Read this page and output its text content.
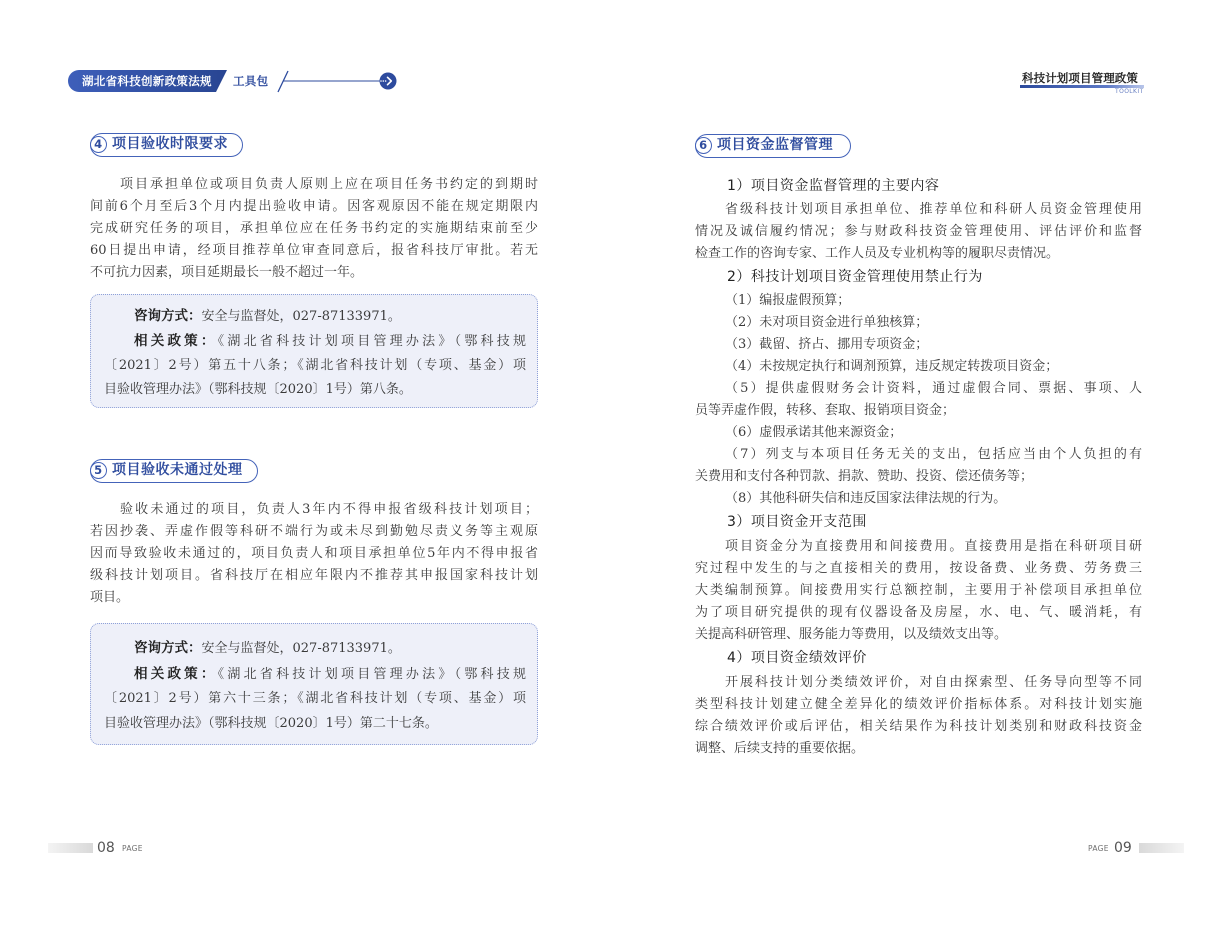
湖北省科技创新政策法规 工具包	科技计划项目管理政策
TOOLKIT
4 项目验收时限要求
项目承担单位或项目负责人原则上应在项目任务书约定的到期时
间前6个月至后3个月内提出验收申请。因客观原因不能在规定期限内
完成研究任务的项目，承担单位应在任务书约定的实施期结束前至少
60日提出申请，经项目推荐单位审查同意后，报省科技厅审批。若无
不可抗力因素，项目延期最长一般不超过一年。
咨询方式：安全与监督处，027-87133971。
相关政策：《湖北省科技计划项目管理办法》（鄂科技规
〔2021〕2号）第五十八条；《湖北省科技计划（专项、基金）项
目验收管理办法》（鄂科技规〔2020〕1号）第八条。
5 项目验收未通过处理
验收未通过的项目，负责人3年内不得申报省级科技计划项目；
若因抄袭、弄虚作假等科研不端行为或未尽到勤勉尽责义务等主观原
因而导致验收未通过的，项目负责人和项目承担单位5年内不得申报省
级科技计划项目。省科技厅在相应年限内不推荐其申报国家科技计划
项目。
咨询方式：安全与监督处，027-87133971。
相关政策：《湖北省科技计划项目管理办法》（鄂科技规
〔2021〕2号）第六十三条；《湖北省科技计划（专项、基金）项
目验收管理办法》（鄂科技规〔2020〕1号）第二十七条。
08 PAGE
6 项目资金监督管理
1）项目资金监督管理的主要内容
省级科技计划项目承担单位、推荐单位和科研人员资金管理使用
情况及诚信履约情况；参与财政科技资金管理使用、评估评价和监督
检查工作的咨询专家、工作人员及专业机构等的履职尽责情况。
2）科技计划项目资金管理使用禁止行为
（1）编报虚假预算；
（2）未对项目资金进行单独核算；
（3）截留、挤占、挪用专项资金；
（4）未按规定执行和调剂预算，违反规定转拨项目资金；
（5）提供虚假财务会计资料，通过虚假合同、票据、事项、人
员等弄虚作假，转移、套取、报销项目资金；
（6）虚假承诺其他来源资金；
（7）列支与本项目任务无关的支出，包括应当由个人负担的有
关费用和支付各种罚款、捐款、赞助、投资、偿还债务等；
（8）其他科研失信和违反国家法律法规的行为。
3）项目资金开支范围
项目资金分为直接费用和间接费用。直接费用是指在科研项目研
究过程中发生的与之直接相关的费用，按设备费、业务费、劳务费三
大类编制预算。间接费用实行总额控制，主要用于补偿项目承担单位
为了项目研究提供的现有仪器设备及房屋，水、电、气、暖消耗，有
关提高科研管理、服务能力等费用，以及绩效支出等。
4）项目资金绩效评价
开展科技计划分类绩效评价，对自由探索型、任务导向型等不同
类型科技计划建立健全差异化的绩效评价指标体系。对科技计划实施
综合绩效评价或后评估，相关结果作为科技计划类别和财政科技资金
调整、后续支持的重要依据。
PAGE 09
